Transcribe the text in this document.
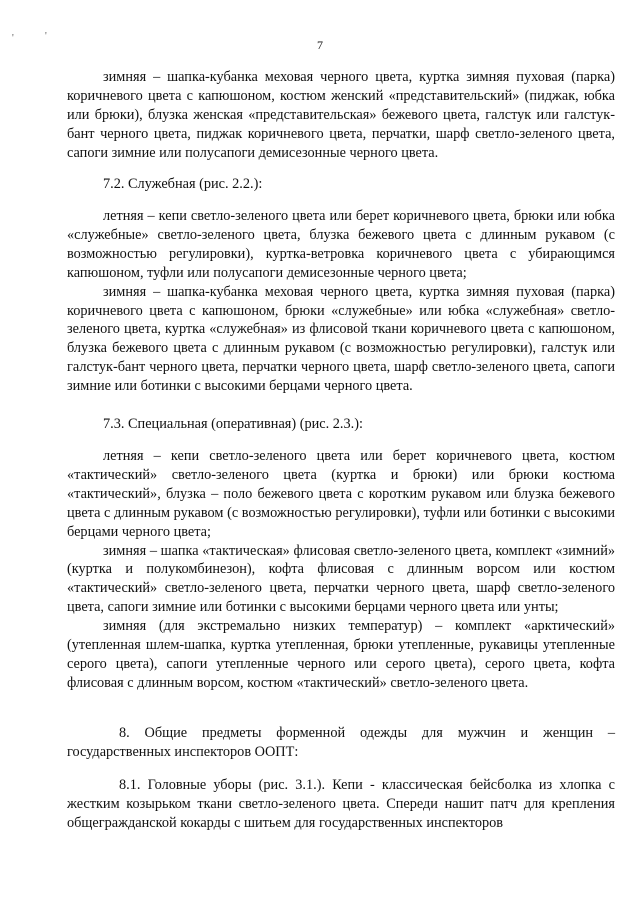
'	'
7

зимняя – шапка-кубанка меховая черного цвета, куртка зимняя пуховая (парка) коричневого цвета с капюшоном, костюм женский «представительский» (пиджак, юбка или брюки), блузка женская «представительская» бежевого цвета, галстук или галстук-бант черного цвета, пиджак коричневого цвета, перчатки, шарф светло-зеленого цвета, сапоги зимние или полусапоги демисезонные черного цвета.

7.2. Служебная (рис. 2.2.):

летняя – кепи светло-зеленого цвета или берет коричневого цвета, брюки или юбка «служебные» светло-зеленого цвета, блузка бежевого цвета с длинным рукавом (с возможностью регулировки), куртка-ветровка коричневого цвета с убирающимся капюшоном, туфли или полусапоги демисезонные черного цвета;

зимняя – шапка-кубанка меховая черного цвета, куртка зимняя пуховая (парка) коричневого цвета с капюшоном, брюки «служебные» или юбка «служебная» светло-зеленого цвета, куртка «служебная» из флисовой ткани коричневого цвета с капюшоном, блузка бежевого цвета с длинным рукавом (с возможностью регулировки), галстук или галстук-бант черного цвета, перчатки черного цвета, шарф светло-зеленого цвета, сапоги зимние или ботинки с высокими берцами черного цвета.

7.3. Специальная (оперативная) (рис. 2.3.):

летняя – кепи светло-зеленого цвета или берет коричневого цвета, костюм «тактический» светло-зеленого цвета (куртка и брюки) или брюки костюма «тактический», блузка – поло бежевого цвета с коротким рукавом или блузка бежевого цвета с длинным рукавом (с возможностью регулировки), туфли или ботинки с высокими берцами черного цвета;

зимняя – шапка «тактическая» флисовая светло-зеленого цвета, комплект «зимний» (куртка и полукомбинезон), кофта флисовая с длинным ворсом или костюм «тактический» светло-зеленого цвета, перчатки черного цвета, шарф светло-зеленого цвета, сапоги зимние или ботинки с высокими берцами черного цвета или унты;

зимняя (для экстремально низких температур) – комплект «арктический» (утепленная шлем-шапка, куртка утепленная, брюки утепленные, рукавицы утепленные серого цвета), сапоги утепленные черного или серого цвета), серого цвета, кофта флисовая с длинным ворсом, костюм «тактический» светло-зеленого цвета.

8. Общие предметы форменной одежды для мужчин и женщин – государственных инспекторов ООПТ:

8.1. Головные уборы (рис. 3.1.). Кепи - классическая бейсболка из хлопка с жестким козырьком ткани светло-зеленого цвета. Спереди нашит патч для крепления общегражданской кокарды с шитьем для государственных инспекторов
